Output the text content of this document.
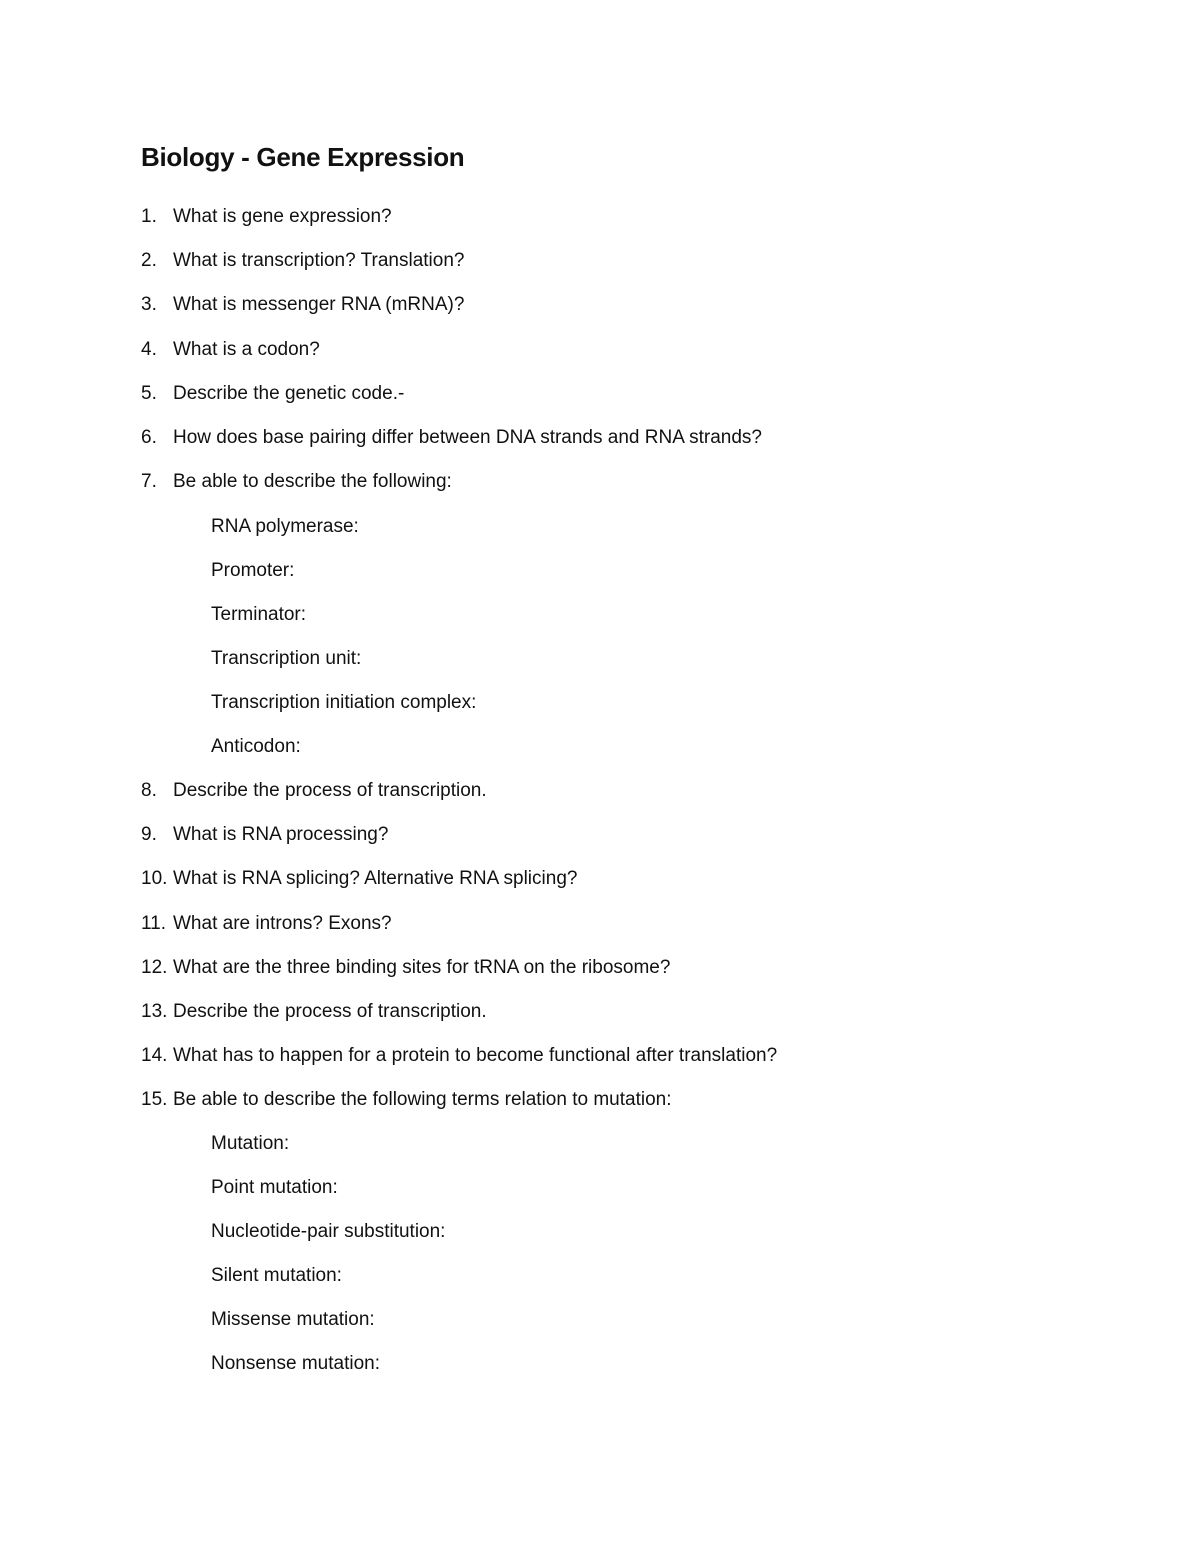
Biology - Gene Expression
1. What is gene expression?
2. What is transcription? Translation?
3. What is messenger RNA (mRNA)?
4. What is a codon?
5. Describe the genetic code.-
6. How does base pairing differ between DNA strands and RNA strands?
7. Be able to describe the following:
RNA polymerase:
Promoter:
Terminator:
Transcription unit:
Transcription initiation complex:
Anticodon:
8. Describe the process of transcription.
9. What is RNA processing?
10. What is RNA splicing? Alternative RNA splicing?
11. What are introns? Exons?
12. What are the three binding sites for tRNA on the ribosome?
13. Describe the process of transcription.
14. What has to happen for a protein to become functional after translation?
15. Be able to describe the following terms relation to mutation:
Mutation:
Point mutation:
Nucleotide-pair substitution:
Silent mutation:
Missense mutation:
Nonsense mutation:
